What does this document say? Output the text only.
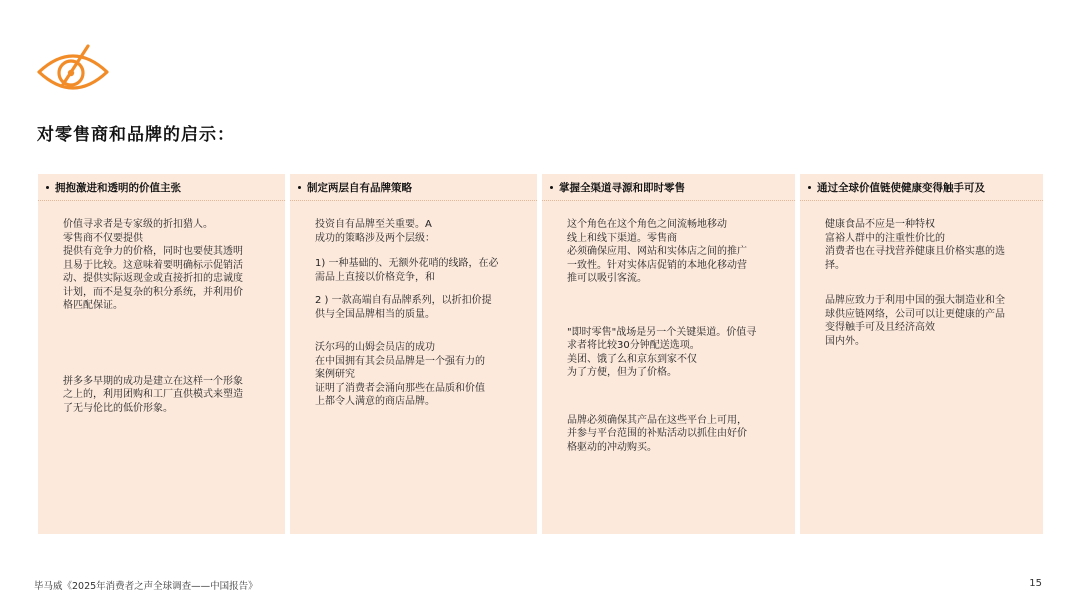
对零售商和品牌的启示：
拥抱激进和透明的价值主张
价值寻求者是专家级的折扣猎人。
零售商不仅要提供
提供有竞争力的价格，同时也要使其透明
且易于比较。这意味着要明确标示促销活
动、提供实际返现金或直接折扣的忠诚度
计划，而不是复杂的积分系统，并利用价
格匹配保证。
拼多多早期的成功是建立在这样一个形象
之上的，利用团购和工厂直供模式来塑造
了无与伦比的低价形象。
制定两层自有品牌策略
投资自有品牌至关重要。A
成功的策略涉及两个层级：
1) 一种基础的、无额外花哨的线路，在必
需品上直接以价格竞争，和
2 ) 一款高端自有品牌系列，以折扣价提
供与全国品牌相当的质量。
沃尔玛的山姆会员店的成功
在中国拥有其会员品牌是一个强有力的
案例研究
证明了消费者会涌向那些在品质和价值
上都令人满意的商店品牌。
掌握全渠道寻源和即时零售
这个角色在这个角色之间流畅地移动
线上和线下渠道。零售商
必须确保应用、网站和实体店之间的推广
一致性。针对实体店促销的本地化移动营
推可以吸引客流。
"即时零售"战场是另一个关键渠道。价值寻
求者将比较30分钟配送选项。
美团、饿了么和京东到家不仅
为了方便，但为了价格。
品牌必须确保其产品在这些平台上可用，
并参与平台范围的补贴活动以抓住由好价
格驱动的冲动购买。
通过全球价值链使健康变得触手可及
健康食品不应是一种特权
富裕人群中的注重性价比的
消费者也在寻找营养健康且价格实惠的选
择。
品牌应致力于利用中国的强大制造业和全
球供应链网络，公司可以让更健康的产品
变得触手可及且经济高效
国内外。
毕马威《2025年消费者之声全球调查——中国报告》	15
